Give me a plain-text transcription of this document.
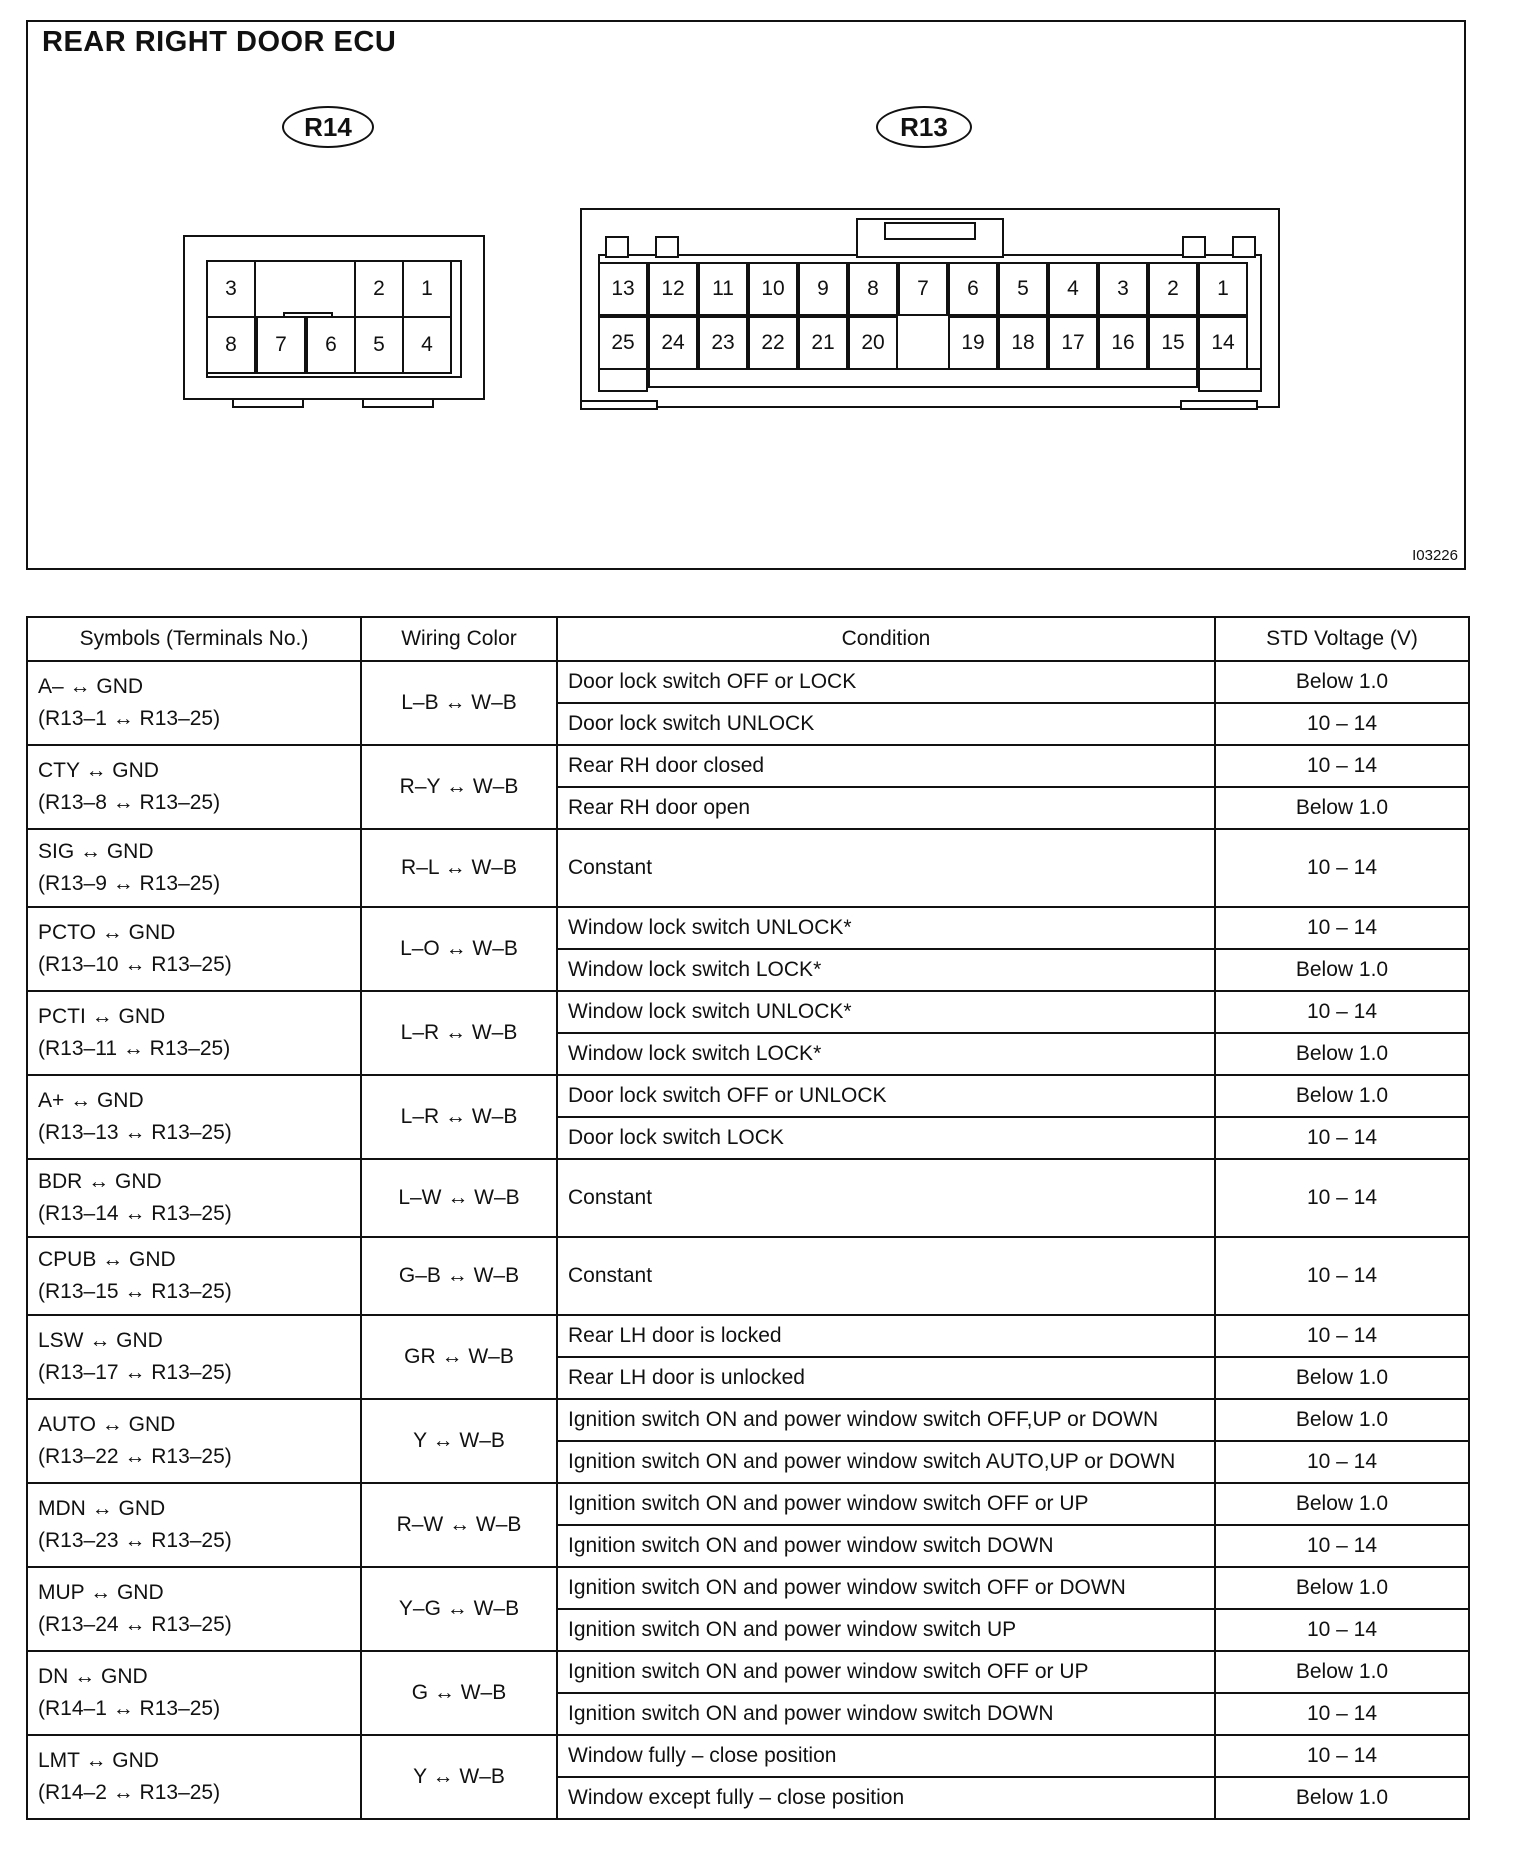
REAR RIGHT DOOR ECU
R14	R13
3	2	1
8	7	6	5	4
13	12	11	10	9	8	7	6	5	4	3	2	1
25	24	23	22	21	20	19	18	17	16	15	14
I03226
Symbols (Terminals No.)	Wiring Color	Condition	STD Voltage (V)

A– ↔ GND
(R13–1 ↔ R13–25)	L–B ↔ W–B	Door lock switch OFF or LOCK	Below 1.0
		Door lock switch UNLOCK	10 – 14

CTY ↔ GND
(R13–8 ↔ R13–25)	R–Y ↔ W–B	Rear RH door closed	10 – 14
		Rear RH door open	Below 1.0

SIG ↔ GND
(R13–9 ↔ R13–25)	R–L ↔ W–B	Constant	10 – 14

PCTO ↔ GND
(R13–10 ↔ R13–25)	L–O ↔ W–B	Window lock switch UNLOCK*	10 – 14
		Window lock switch LOCK*	Below 1.0

PCTI ↔ GND
(R13–11 ↔ R13–25)	L–R ↔ W–B	Window lock switch UNLOCK*	10 – 14
		Window lock switch LOCK*	Below 1.0

A+ ↔ GND
(R13–13 ↔ R13–25)	L–R ↔ W–B	Door lock switch OFF or UNLOCK	Below 1.0
		Door lock switch LOCK	10 – 14

BDR ↔ GND
(R13–14 ↔ R13–25)	L–W ↔ W–B	Constant	10 – 14

CPUB ↔ GND
(R13–15 ↔ R13–25)	G–B ↔ W–B	Constant	10 – 14

LSW ↔ GND
(R13–17 ↔ R13–25)	GR ↔ W–B	Rear LH door is locked	10 – 14
		Rear LH door is unlocked	Below 1.0

AUTO ↔ GND
(R13–22 ↔ R13–25)	Y ↔ W–B	Ignition switch ON and power window switch OFF,UP or DOWN	Below 1.0
		Ignition switch ON and power window switch AUTO,UP or DOWN	10 – 14

MDN ↔ GND
(R13–23 ↔ R13–25)	R–W ↔ W–B	Ignition switch ON and power window switch OFF or UP	Below 1.0
		Ignition switch ON and power window switch DOWN	10 – 14

MUP ↔ GND
(R13–24 ↔ R13–25)	Y–G ↔ W–B	Ignition switch ON and power window switch OFF or DOWN	Below 1.0
		Ignition switch ON and power window switch UP	10 – 14

DN ↔ GND
(R14–1 ↔ R13–25)	G ↔ W–B	Ignition switch ON and power window switch OFF or UP	Below 1.0
		Ignition switch ON and power window switch DOWN	10 – 14

LMT ↔ GND
(R14–2 ↔ R13–25)	Y ↔ W–B	Window fully – close position	10 – 14
		Window except fully – close position	Below 1.0
